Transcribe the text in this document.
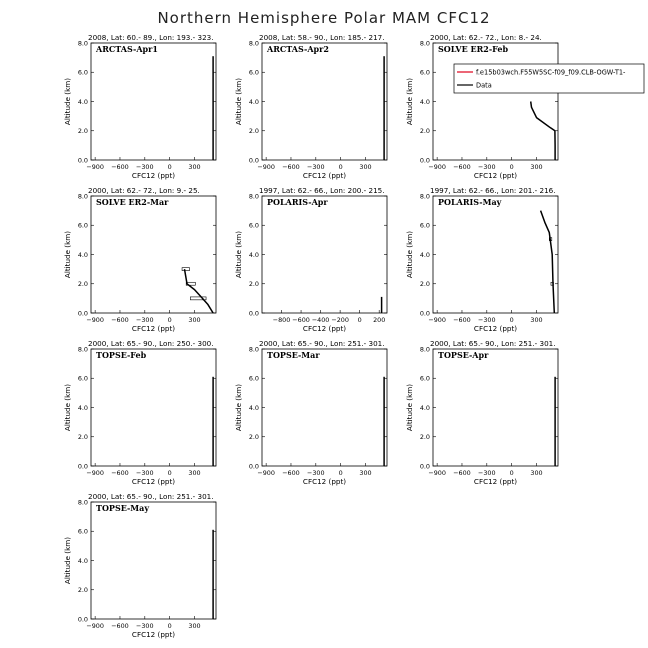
Northern Hemisphere Polar MAM CFC12
2008, Lat: 60.- 89., Lon: 193.- 323.
ARCTAS-Apr1
−900 −600 −300 0	300
0.0
2.0
4.0
6.0
8.0
CFC12 (ppt)
Altitude (km)
2008, Lat: 58.- 90., Lon: 185.- 217.
ARCTAS-Apr2
−900 −600 −300 0	300
0.0
2.0
4.0
6.0
8.0
CFC12 (ppt)
Altitude (km)
2000, Lat: 62.- 72., Lon: 8.- 24.
SOLVE ER2-Feb
−900 −600 −300 0	300
0.0
2.0
4.0
6.0
8.0
CFC12 (ppt)
Altitude (km)
2000, Lat: 62.- 72., Lon: 9.- 25.
SOLVE ER2-Mar
−900 −600 −300 0	300
0.0
2.0
4.0
6.0
8.0
CFC12 (ppt)
Altitude (km)
1997, Lat: 62.- 66., Lon: 200.- 215.
POLARIS-Apr
−800 −600 −400 −200 0 200
0.0
2.0
4.0
6.0
8.0
CFC12 (ppt)
Altitude (km)
1997, Lat: 62.- 66., Lon: 201.- 216.
POLARIS-May
−900 −600 −300 0	300
0.0
2.0
4.0
6.0
8.0
CFC12 (ppt)
Altitude (km)
2000, Lat: 65.- 90., Lon: 250.- 300.
TOPSE-Feb
−900 −600 −300 0	300
0.0
2.0
4.0
6.0
8.0
CFC12 (ppt)
Altitude (km)
2000, Lat: 65.- 90., Lon: 251.- 301.
TOPSE-Mar
−900 −600 −300 0	300
0.0
2.0
4.0
6.0
8.0
CFC12 (ppt)
Altitude (km)
2000, Lat: 65.- 90., Lon: 251.- 301.
TOPSE-Apr
−900 −600 −300 0	300
0.0
2.0
4.0
6.0
8.0
CFC12 (ppt)
Altitude (km)
2000, Lat: 65.- 90., Lon: 251.- 301.
TOPSE-May
−900 −600 −300 0	300
0.0
2.0
4.0
6.0
8.0
CFC12 (ppt)
Altitude (km)
f.e15b03wch.F55W5SC-f09_f09.CLB-OGW-T1-
Data
